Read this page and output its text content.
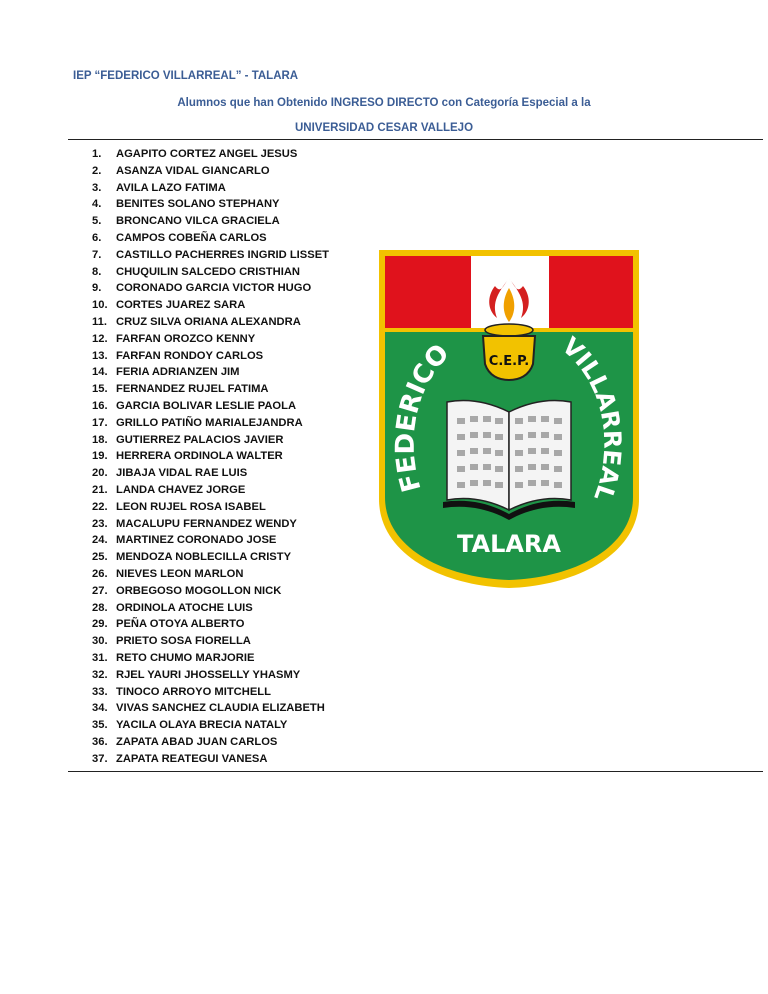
IEP “FEDERICO VILLARREAL” - TALARA
Alumnos que han Obtenido INGRESO DIRECTO con Categoría Especial a la
UNIVERSIDAD CESAR VALLEJO
1.	AGAPITO CORTEZ ANGEL JESUS
2.	ASANZA VIDAL GIANCARLO
3.	AVILA LAZO FATIMA
4.	BENITES SOLANO STEPHANY
5.	BRONCANO VILCA GRACIELA
6.	CAMPOS COBEÑA CARLOS
7.	CASTILLO PACHERRES INGRID LISSET
8.	CHUQUILIN SALCEDO CRISTHIAN
9.	CORONADO GARCIA VICTOR HUGO
10. CORTES JUAREZ SARA
11. CRUZ SILVA ORIANA ALEXANDRA
12. FARFAN OROZCO KENNY
13. FARFAN RONDOY CARLOS
14. FERIA ADRIANZEN JIM
15. FERNANDEZ RUJEL FATIMA
16. GARCIA BOLIVAR LESLIE PAOLA
17. GRILLO PATIÑO MARIALEJANDRA
18. GUTIERREZ PALACIOS JAVIER
19. HERRERA ORDINOLA WALTER
20. JIBAJA VIDAL RAE LUIS
21. LANDA CHAVEZ JORGE
22. LEON RUJEL ROSA ISABEL
23. MACALUPU FERNANDEZ WENDY
24. MARTINEZ CORONADO JOSE
25. MENDOZA NOBLECILLA CRISTY
26. NIEVES LEON MARLON
27. ORBEGOSO MOGOLLON NICK
28. ORDINOLA ATOCHE LUIS
29. PEÑA OTOYA ALBERTO
30. PRIETO SOSA FIORELLA
31. RETO CHUMO MARJORIE
32. RJEL YAURI JHOSSELLY YHASMY
33. TINOCO ARROYO MITCHELL
34. VIVAS SANCHEZ CLAUDIA ELIZABETH
35. YACILA OLAYA BRECIA NATALY
36. ZAPATA ABAD JUAN CARLOS
37. ZAPATA REATEGUI VANESA
C.E.P.
FEDERICO	VILLARREAL
TALARA
